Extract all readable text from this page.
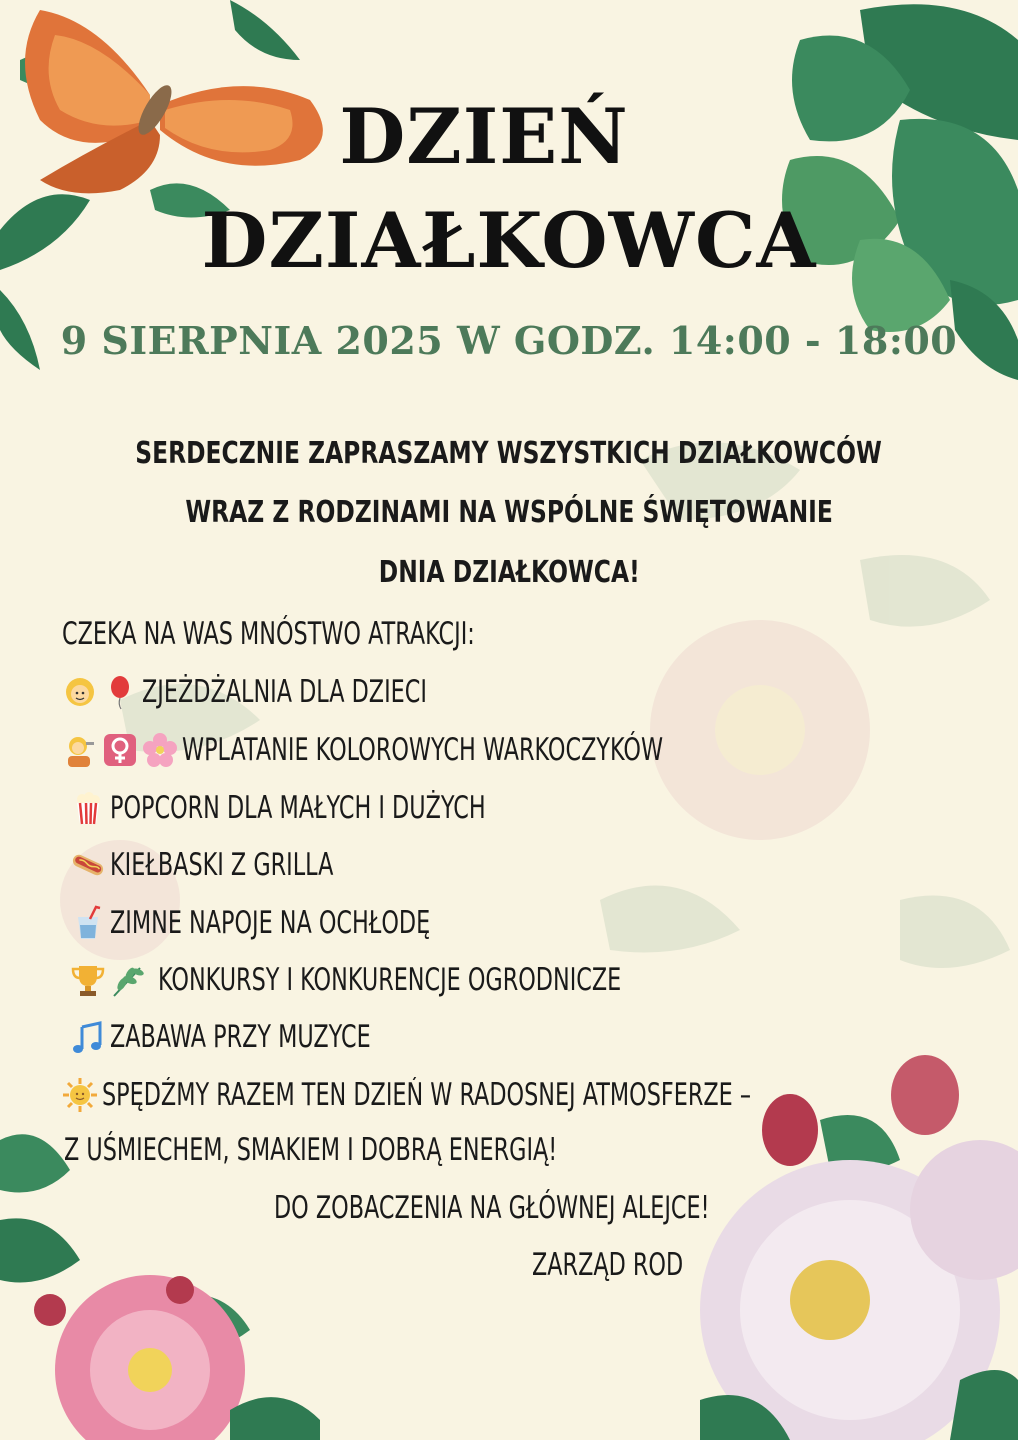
DZIEŃ
DZIAŁKOWCA
9 SIERPNIA 2025 W GODZ. 14:00 - 18:00
SERDECZNIE ZAPRASZAMY WSZYSTKICH DZIAŁKOWCÓW
WRAZ Z RODZINAMI NA WSPÓLNE ŚWIĘTOWANIE
DNIA DZIAŁKOWCA!
CZEKA NA WAS MNÓSTWO ATRAKCJI:
ZJEŻDŻALNIA DLA DZIECI
WPLATANIE KOLOROWYCH WARKOCZYKÓW
POPCORN DLA MAŁYCH I DUŻYCH
KIEŁBASKI Z GRILLA
ZIMNE NAPOJE NA OCHŁODĘ
KONKURSY I KONKURENCJE OGRODNICZE
ZABAWA PRZY MUZYCE
SPĘDŹMY RAZEM TEN DZIEŃ W RADOSNEJ ATMOSFERZE –
Z UŚMIECHEM, SMAKIEM I DOBRĄ ENERGIĄ!
DO ZOBACZENIA NA GŁÓWNEJ ALEJCE!
ZARZĄD ROD
